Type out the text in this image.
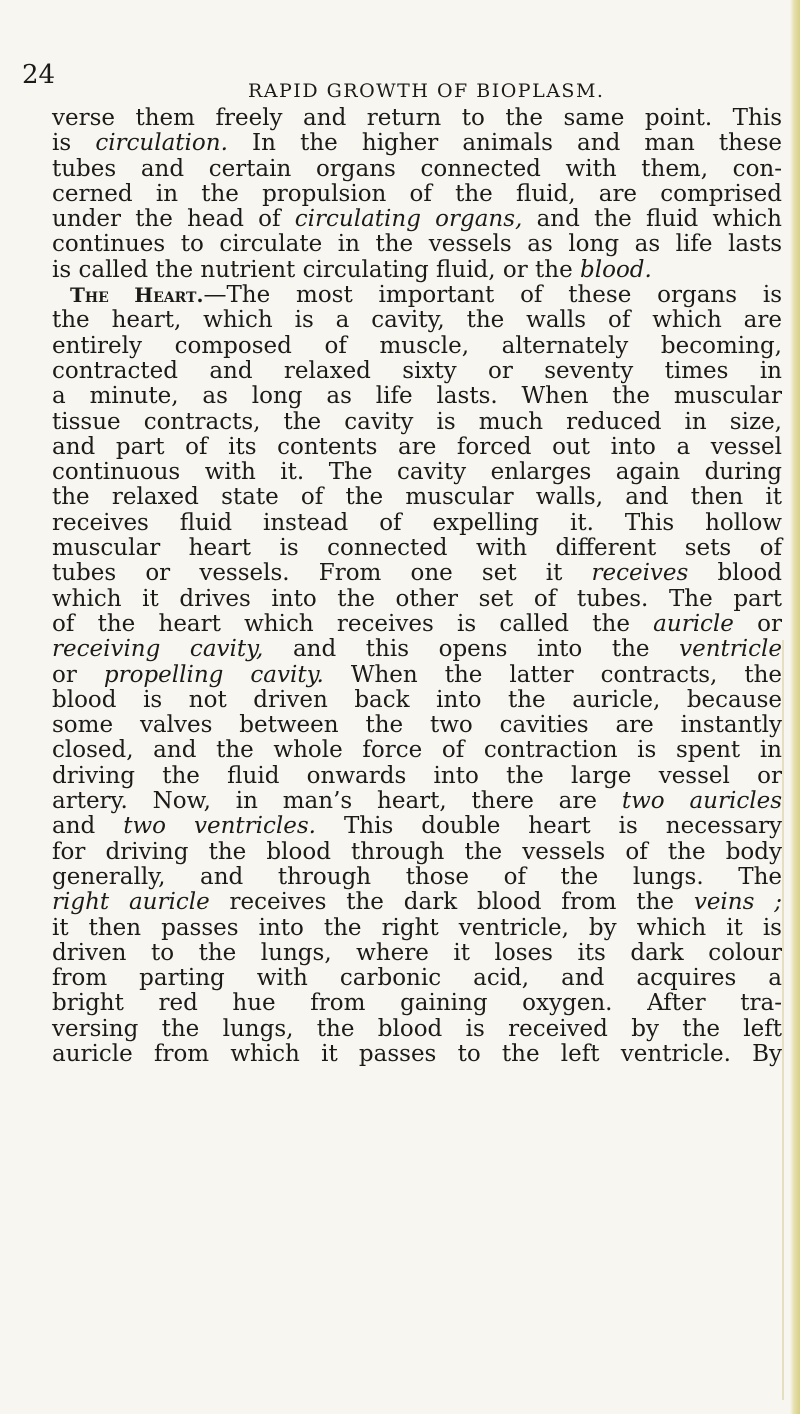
24
RAPID GROWTH OF BIOPLASM.
verse them freely and return to the same point. This
is circulation. In the higher animals and man these
tubes and certain organs connected with them, con-
cerned in the propulsion of the fluid, are comprised
under the head of circulating organs, and the fluid which
continues to circulate in the vessels as long as life lasts
is called the nutrient circulating fluid, or the blood.
The Heart.—The most important of these organs is
the heart, which is a cavity, the walls of which are
entirely composed of muscle, alternately becoming,
contracted and relaxed sixty or seventy times in
a minute, as long as life lasts. When the muscular
tissue contracts, the cavity is much reduced in size,
and part of its contents are forced out into a vessel
continuous with it. The cavity enlarges again during
the relaxed state of the muscular walls, and then it
receives fluid instead of expelling it. This hollow
muscular heart is connected with different sets of
tubes or vessels. From one set it receives blood
which it drives into the other set of tubes. The part
of the heart which receives is called the auricle or
receiving cavity, and this opens into the ventricle
or propelling cavity. When the latter contracts, the
blood is not driven back into the auricle, because
some valves between the two cavities are instantly
closed, and the whole force of contraction is spent in
driving the fluid onwards into the large vessel or
artery. Now, in man’s heart, there are two auricles
and two ventricles. This double heart is necessary
for driving the blood through the vessels of the body
generally, and through those of the lungs. The
right auricle receives the dark blood from the veins ;
it then passes into the right ventricle, by which it is
driven to the lungs, where it loses its dark colour
from parting with carbonic acid, and acquires a
bright red hue from gaining oxygen. After tra-
versing the lungs, the blood is received by the left
auricle from which it passes to the left ventricle. By
